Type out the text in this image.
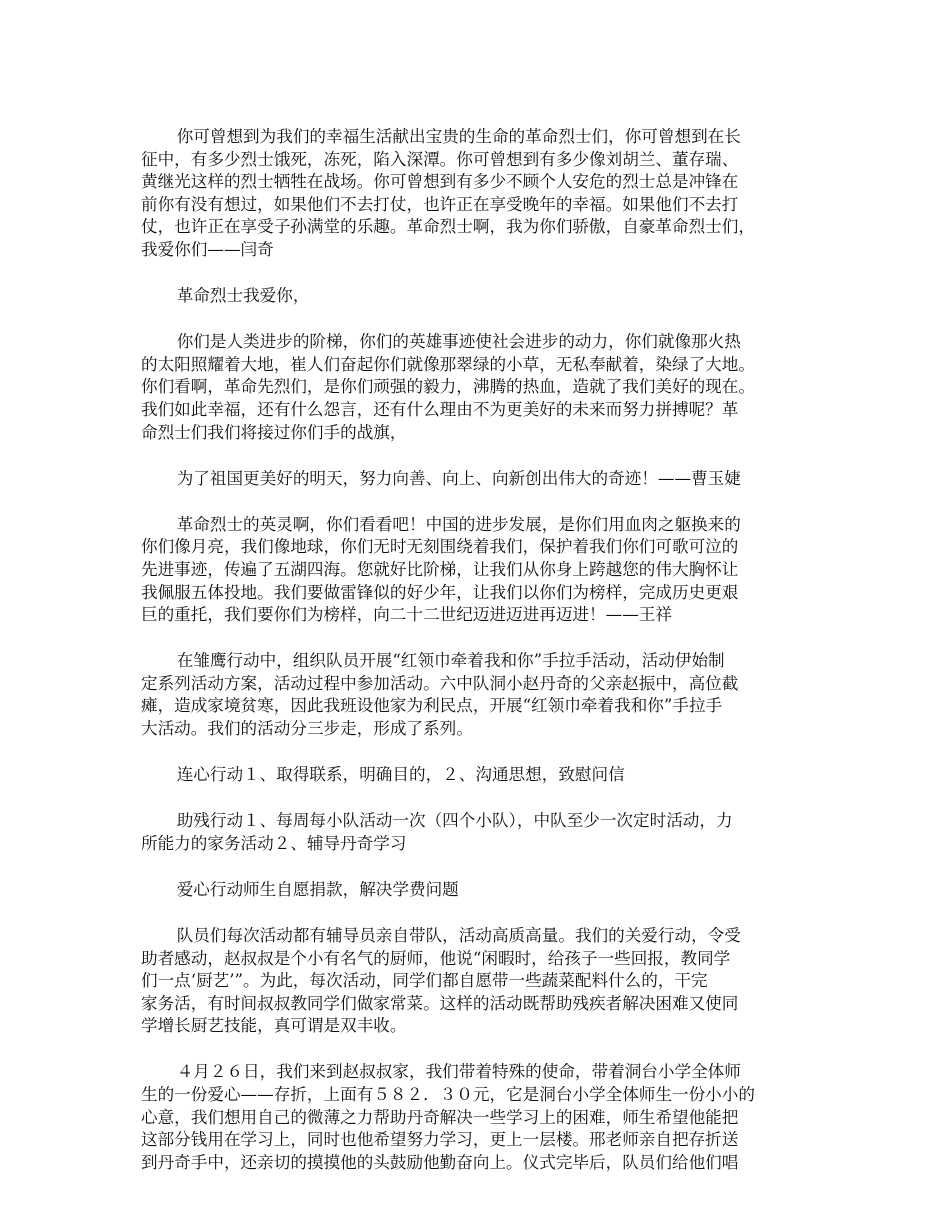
你可曾想到为我们的幸福生活献出宝贵的生命的革命烈士们，你可曾想到在长
征中，有多少烈士饿死，冻死，陷入深潭。你可曾想到有多少像刘胡兰、董存瑞、
黄继光这样的烈士牺牲在战场。你可曾想到有多少不顾个人安危的烈士总是冲锋在
前你有没有想过，如果他们不去打仗，也许正在享受晚年的幸福。如果他们不去打
仗，也许正在享受子孙满堂的乐趣。革命烈士啊，我为你们骄傲，自豪革命烈士们，
我爱你们——闫奇
革命烈士我爱你，
你们是人类进步的阶梯，你们的英雄事迹使社会进步的动力，你们就像那火热
的太阳照耀着大地，崔人们奋起你们就像那翠绿的小草，无私奉献着，染绿了大地。
你们看啊，革命先烈们，是你们顽强的毅力，沸腾的热血，造就了我们美好的现在。
我们如此幸福，还有什么怨言，还有什么理由不为更美好的未来而努力拼搏呢？革
命烈士们我们将接过你们手的战旗，
为了祖国更美好的明天，努力向善、向上、向新创出伟大的奇迹！——曹玉婕
革命烈士的英灵啊，你们看看吧！中国的进步发展，是你们用血肉之躯换来的
你们像月亮，我们像地球，你们无时无刻围绕着我们，保护着我们你们可歌可泣的
先进事迹，传遍了五湖四海。您就好比阶梯，让我们从你身上跨越您的伟大胸怀让
我佩服五体投地。我们要做雷锋似的好少年，让我们以你们为榜样，完成历史更艰
巨的重托，我们要你们为榜样，向二十二世纪迈进迈进再迈进！——王祥
在雏鹰行动中，组织队员开展“红领巾牵着我和你”手拉手活动，活动伊始制
定系列活动方案，活动过程中参加活动。六中队洞小赵丹奇的父亲赵振中，高位截
瘫，造成家境贫寒，因此我班设他家为利民点，开展“红领巾牵着我和你”手拉手
大活动。我们的活动分三步走，形成了系列。
连心行动１、取得联系，明确目的，２、沟通思想，致慰问信
助残行动１、每周每小队活动一次（四个小队），中队至少一次定时活动，力
所能力的家务活动２、辅导丹奇学习
爱心行动师生自愿捐款，解决学费问题
队员们每次活动都有辅导员亲自带队，活动高质高量。我们的关爱行动，令受
助者感动，赵叔叔是个小有名气的厨师，他说“闲暇时，给孩子一些回报，教同学
们一点‘厨艺’”。为此，每次活动，同学们都自愿带一些蔬菜配料什么的，干完
家务活，有时间叔叔教同学们做家常菜。这样的活动既帮助残疾者解决困难又使同
学增长厨艺技能，真可谓是双丰收。
４月２６日，我们来到赵叔叔家，我们带着特殊的使命，带着洞台小学全体师
生的一份爱心——存折，上面有５８２．３０元，它是洞台小学全体师生一份小小的
心意，我们想用自己的微薄之力帮助丹奇解决一些学习上的困难，师生希望他能把
这部分钱用在学习上，同时也他希望努力学习，更上一层楼。邢老师亲自把存折送
到丹奇手中，还亲切的摸摸他的头鼓励他勤奋向上。仪式完毕后，队员们给他们唱
